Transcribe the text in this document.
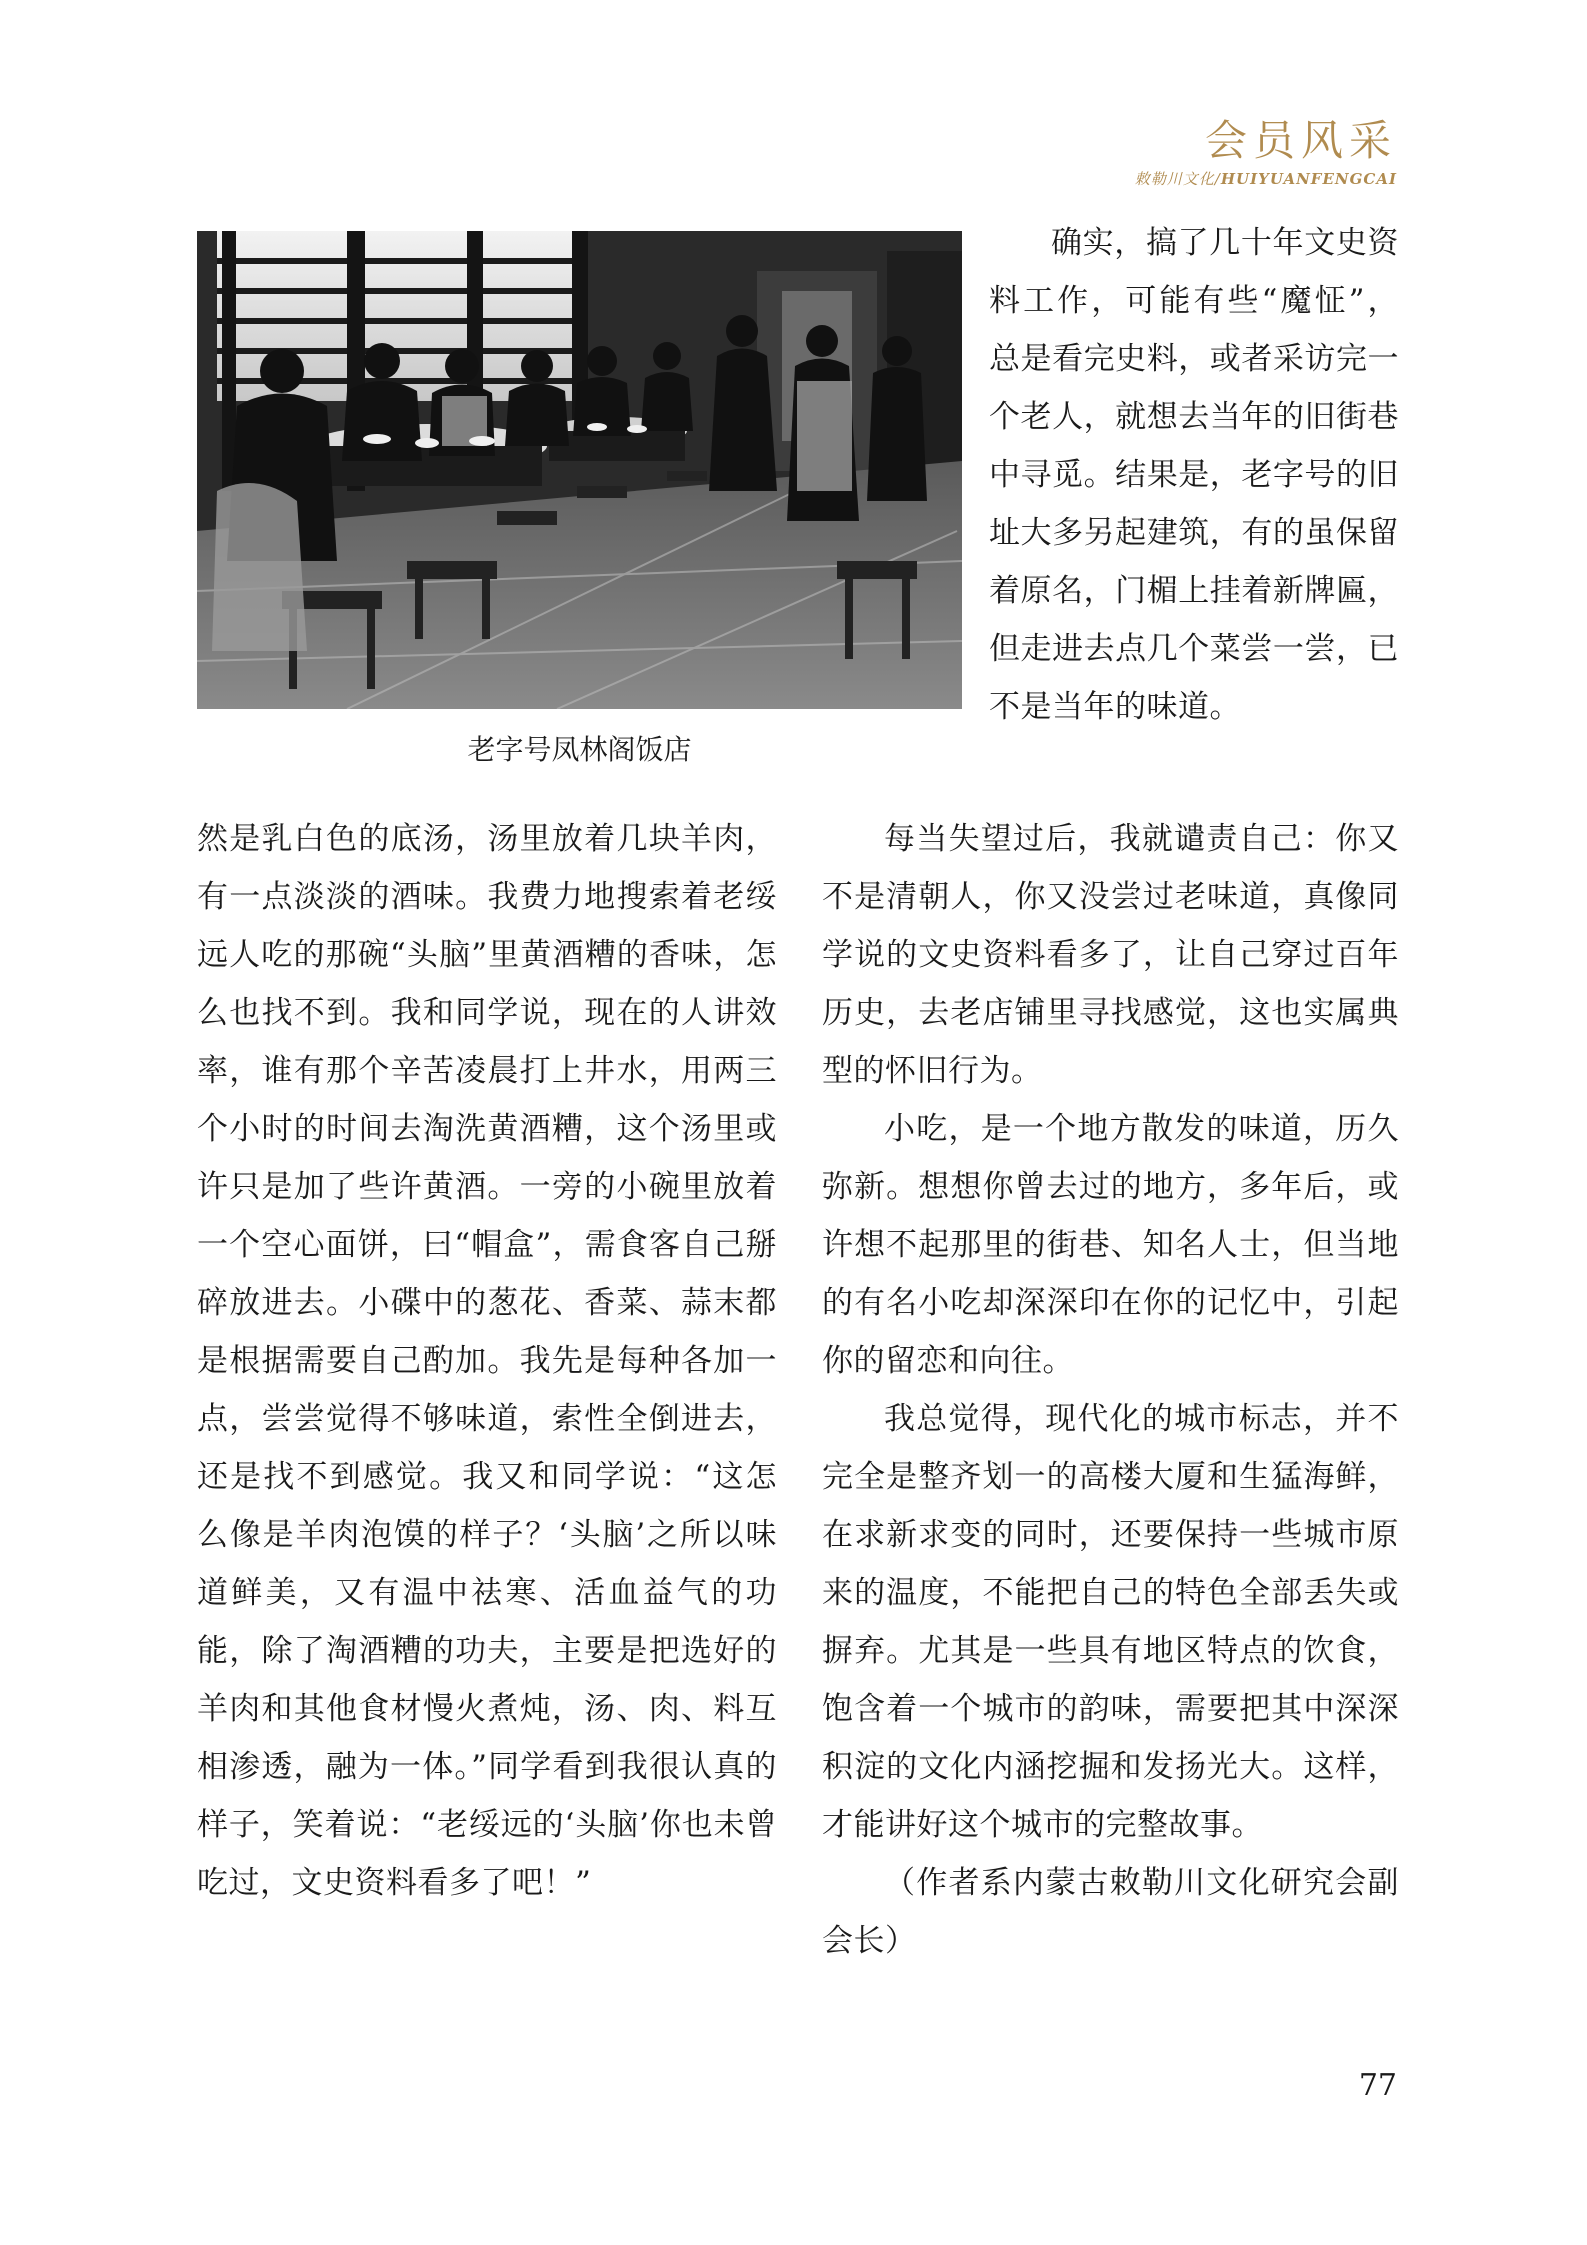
会员风采
敕勒川文化/HUIYUANFENGCAI
老字号凤林阁饭店

确实，搞了几十年文史资料工作，可能有些“魔怔”，总是看完史料，或者采访完一个老人，就想去当年的旧街巷中寻觅。结果是，老字号的旧址大多另起建筑，有的虽保留着原名，门楣上挂着新牌匾，但走进去点几个菜尝一尝，已不是当年的味道。

然是乳白色的底汤，汤里放着几块羊肉，有一点淡淡的酒味。我费力地搜索着老绥远人吃的那碗“头脑”里黄酒糟的香味，怎么也找不到。我和同学说，现在的人讲效率，谁有那个辛苦凌晨打上井水，用两三个小时的时间去淘洗黄酒糟，这个汤里或许只是加了些许黄酒。一旁的小碗里放着一个空心面饼，曰“帽盒”，需食客自己掰碎放进去。小碟中的葱花、香菜、蒜末都是根据需要自己酌加。我先是每种各加一点，尝尝觉得不够味道，索性全倒进去，还是找不到感觉。我又和同学说：“这怎么像是羊肉泡馍的样子？‘头脑’之所以味道鲜美，又有温中祛寒、活血益气的功能，除了淘酒糟的功夫，主要是把选好的羊肉和其他食材慢火煮炖，汤、肉、料互相渗透，融为一体。”同学看到我很认真的样子，笑着说：“老绥远的‘头脑’你也未曾吃过，文史资料看多了吧！”

每当失望过后，我就谴责自己：你又不是清朝人，你又没尝过老味道，真像同学说的文史资料看多了，让自己穿过百年历史，去老店铺里寻找感觉，这也实属典型的怀旧行为。

小吃，是一个地方散发的味道，历久弥新。想想你曾去过的地方，多年后，或许想不起那里的街巷、知名人士，但当地的有名小吃却深深印在你的记忆中，引起你的留恋和向往。

我总觉得，现代化的城市标志，并不完全是整齐划一的高楼大厦和生猛海鲜，在求新求变的同时，还要保持一些城市原来的温度，不能把自己的特色全部丢失或摒弃。尤其是一些具有地区特点的饮食，饱含着一个城市的韵味，需要把其中深深积淀的文化内涵挖掘和发扬光大。这样，才能讲好这个城市的完整故事。

（作者系内蒙古敕勒川文化研究会副会长）

77
